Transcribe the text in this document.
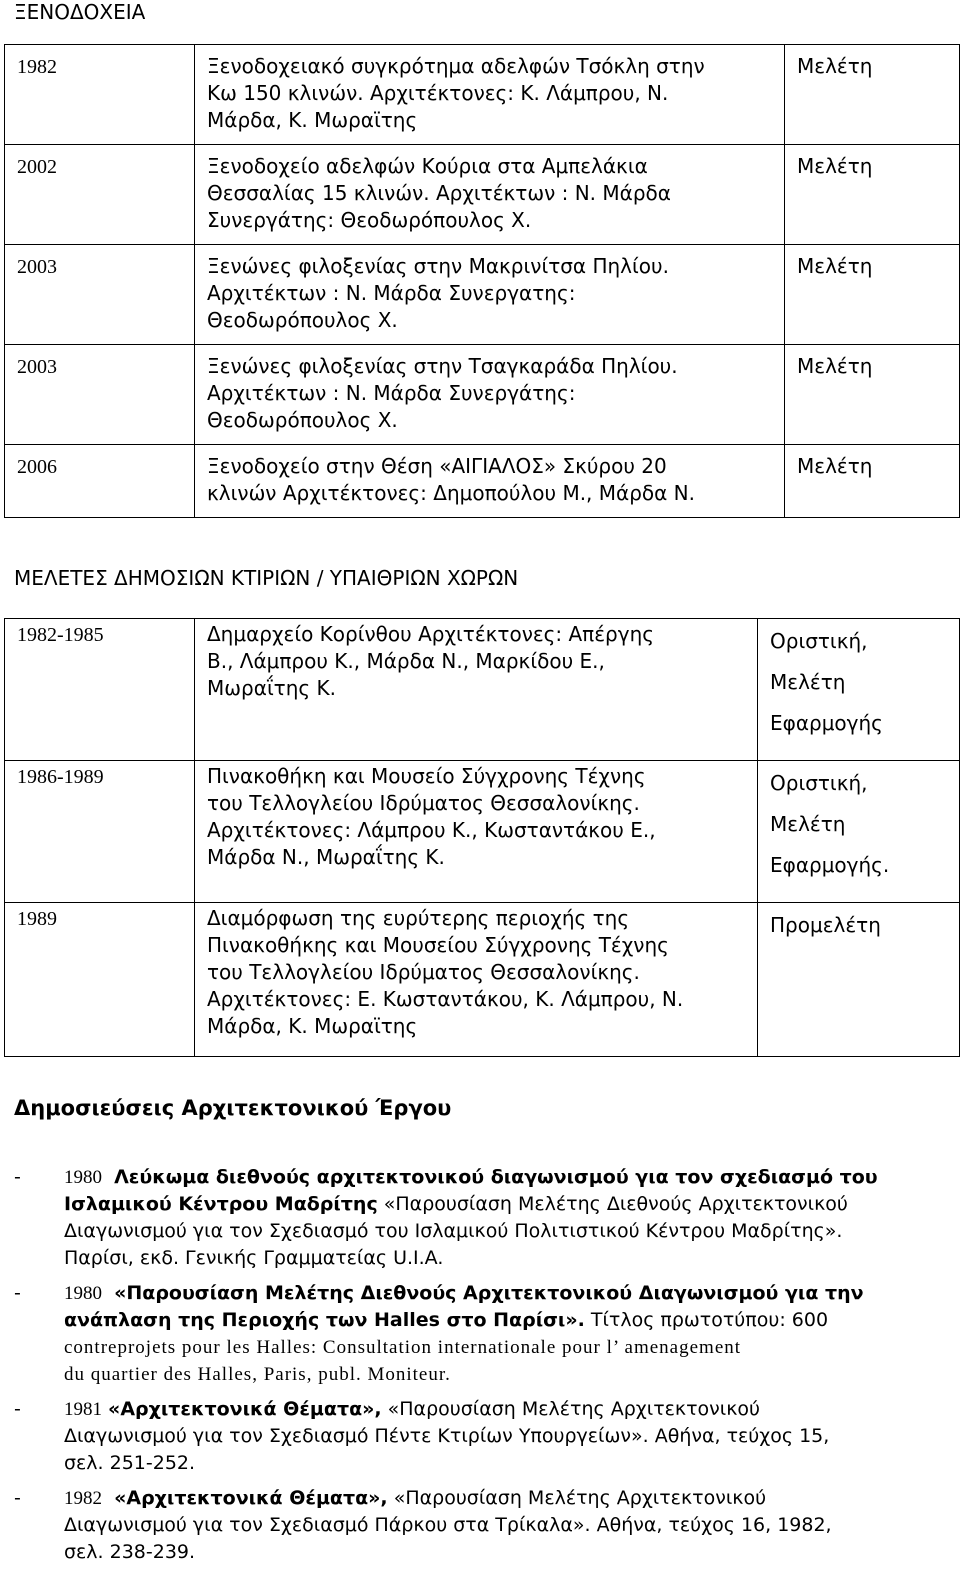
ΞΕΝΟΔΟΧΕΙΑ
1982	Ξενοδοχειακό συγκρότημα αδελφών Τσόκλη στην
Κω 150 κλινών. Αρχιτέκτονες: Κ. Λάμπρου, Ν.
Μάρδα, Κ. Μωραϊτης	Μελέτη

2002	Ξενοδοχείο αδελφών Κούρια στα Αμπελάκια
Θεσσαλίας 15 κλινών. Αρχιτέκτων : Ν. Μάρδα
Συνεργάτης: Θεοδωρόπουλος Χ.	Μελέτη

2003	Ξενώνες φιλοξενίας στην Μακρινίτσα Πηλίου.
Αρχιτέκτων : Ν. Μάρδα Συνεργατης:
Θεοδωρόπουλος Χ.	Μελέτη

2003	Ξενώνες φιλοξενίας στην Τσαγκαράδα Πηλίου.
Αρχιτέκτων : Ν. Μάρδα Συνεργάτης:
Θεοδωρόπουλος Χ.	Μελέτη

2006	Ξενοδοχείο στην Θέση «ΑΙΓΙΑΛΟΣ» Σκύρου 20
κλινών Αρχιτέκτονες: Δημοπούλου Μ., Μάρδα Ν.	Μελέτη
ΜΕΛΕΤΕΣ ΔΗΜΟΣΙΩΝ ΚΤΙΡΙΩΝ / ΥΠΑΙΘΡΙΩΝ ΧΩΡΩΝ
1982-1985	Δημαρχείο Κορίνθου Αρχιτέκτονες: Απέργης
Β., Λάμπρου Κ., Μάρδα Ν., Μαρκίδου Ε.,
Μωραΐτης Κ.	Οριστική,
Μελέτη
Εφαρμογής

1986-1989	Πινακοθήκη και Μουσείο Σύγχρονης Τέχνης
του Τελλογλείου Ιδρύματος Θεσσαλονίκης.
Αρχιτέκτονες: Λάμπρου Κ., Κωσταντάκου Ε.,
Μάρδα Ν., Μωραΐτης Κ.	Οριστική,
Μελέτη
Εφαρμογής.

1989	Διαμόρφωση της ευρύτερης περιοχής της
Πινακοθήκης και Μουσείου Σύγχρονης Τέχνης
του Τελλογλείου Ιδρύματος Θεσσαλονίκης.
Αρχιτέκτονες: Ε. Κωσταντάκου, Κ. Λάμπρου, Ν.
Μάρδα, Κ. Μωραϊτης	Προμελέτη
Δημοσιεύσεις Αρχιτεκτονικού Έργου
- 1980 Λεύκωμα διεθνούς αρχιτεκτονικού διαγωνισμού για τον σχεδιασμό του
Ισλαμικού Κέντρου Μαδρίτης «Παρουσίαση Μελέτης Διεθνούς Αρχιτεκτονικού
Διαγωνισμού για τον Σχεδιασμό του Ισλαμικού Πολιτιστικού Κέντρου Μαδρίτης».
Παρίσι, εκδ. Γενικής Γραμματείας U.I.A.
- 1980 «Παρουσίαση Μελέτης Διεθνούς Αρχιτεκτονικού Διαγωνισμού για την
ανάπλαση της Περιοχής των Halles στο Παρίσι». Τίτλος πρωτοτύπου: 600
contreprojets pour les Halles: Consultation internationale pour l’ amenagement
du quartier des Halles, Paris, publ. Moniteur.
- 1981 «Αρχιτεκτονικά Θέματα», «Παρουσίαση Μελέτης Αρχιτεκτονικού
Διαγωνισμού για τον Σχεδιασμό Πέντε Κτιρίων Υπουργείων». Αθήνα, τεύχος 15,
σελ. 251-252.
- 1982 «Αρχιτεκτονικά Θέματα», «Παρουσίαση Μελέτης Αρχιτεκτονικού
Διαγωνισμού για τον Σχεδιασμό Πάρκου στα Τρίκαλα». Αθήνα, τεύχος 16, 1982,
σελ. 238-239.
